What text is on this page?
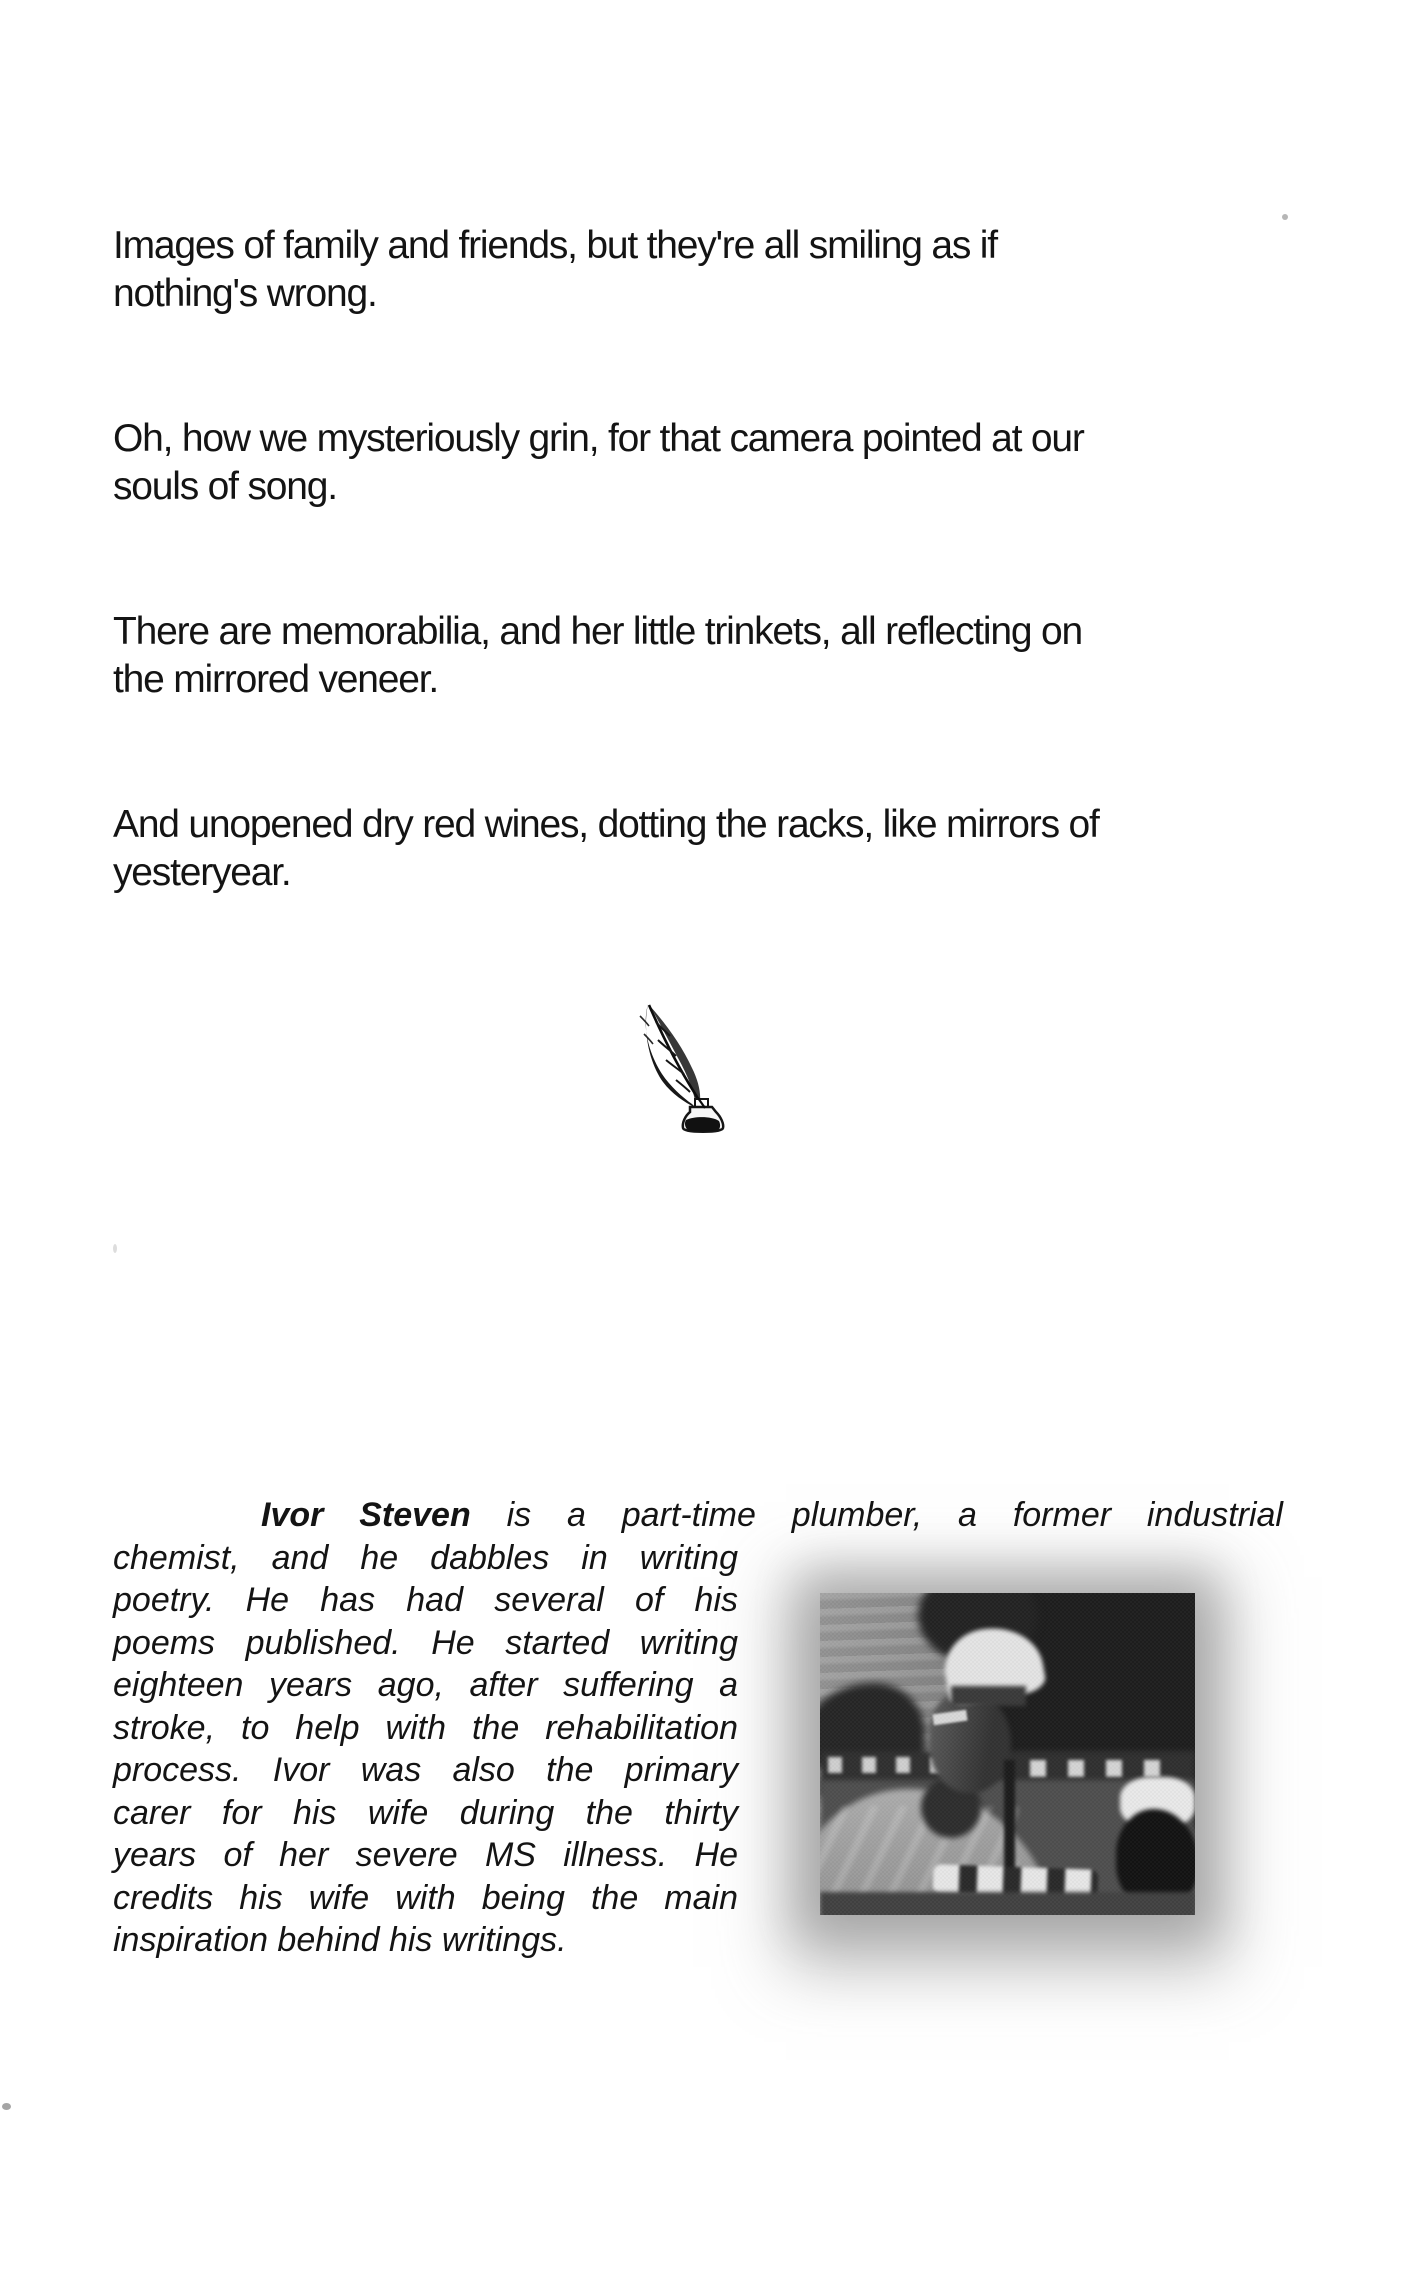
Images of family and friends, but they're all smiling as if

nothing's wrong.

Oh, how we mysteriously grin, for that camera pointed at our

souls of song.

There are memorabilia, and her little trinkets, all reflecting on

the mirrored veneer.

And unopened dry red wines, dotting the racks, like mirrors of

yesteryear.

Ivor Steven is a part-time plumber, a former industrial

chemist, and he dabbles in writing

poetry. He has had several of his

poems published. He started writing

eighteen years ago, after suffering a

stroke, to help with the rehabilitation

process. Ivor was also the primary

carer for his wife during the thirty

years of her severe MS illness. He

credits his wife with being the main

inspiration behind his writings.
